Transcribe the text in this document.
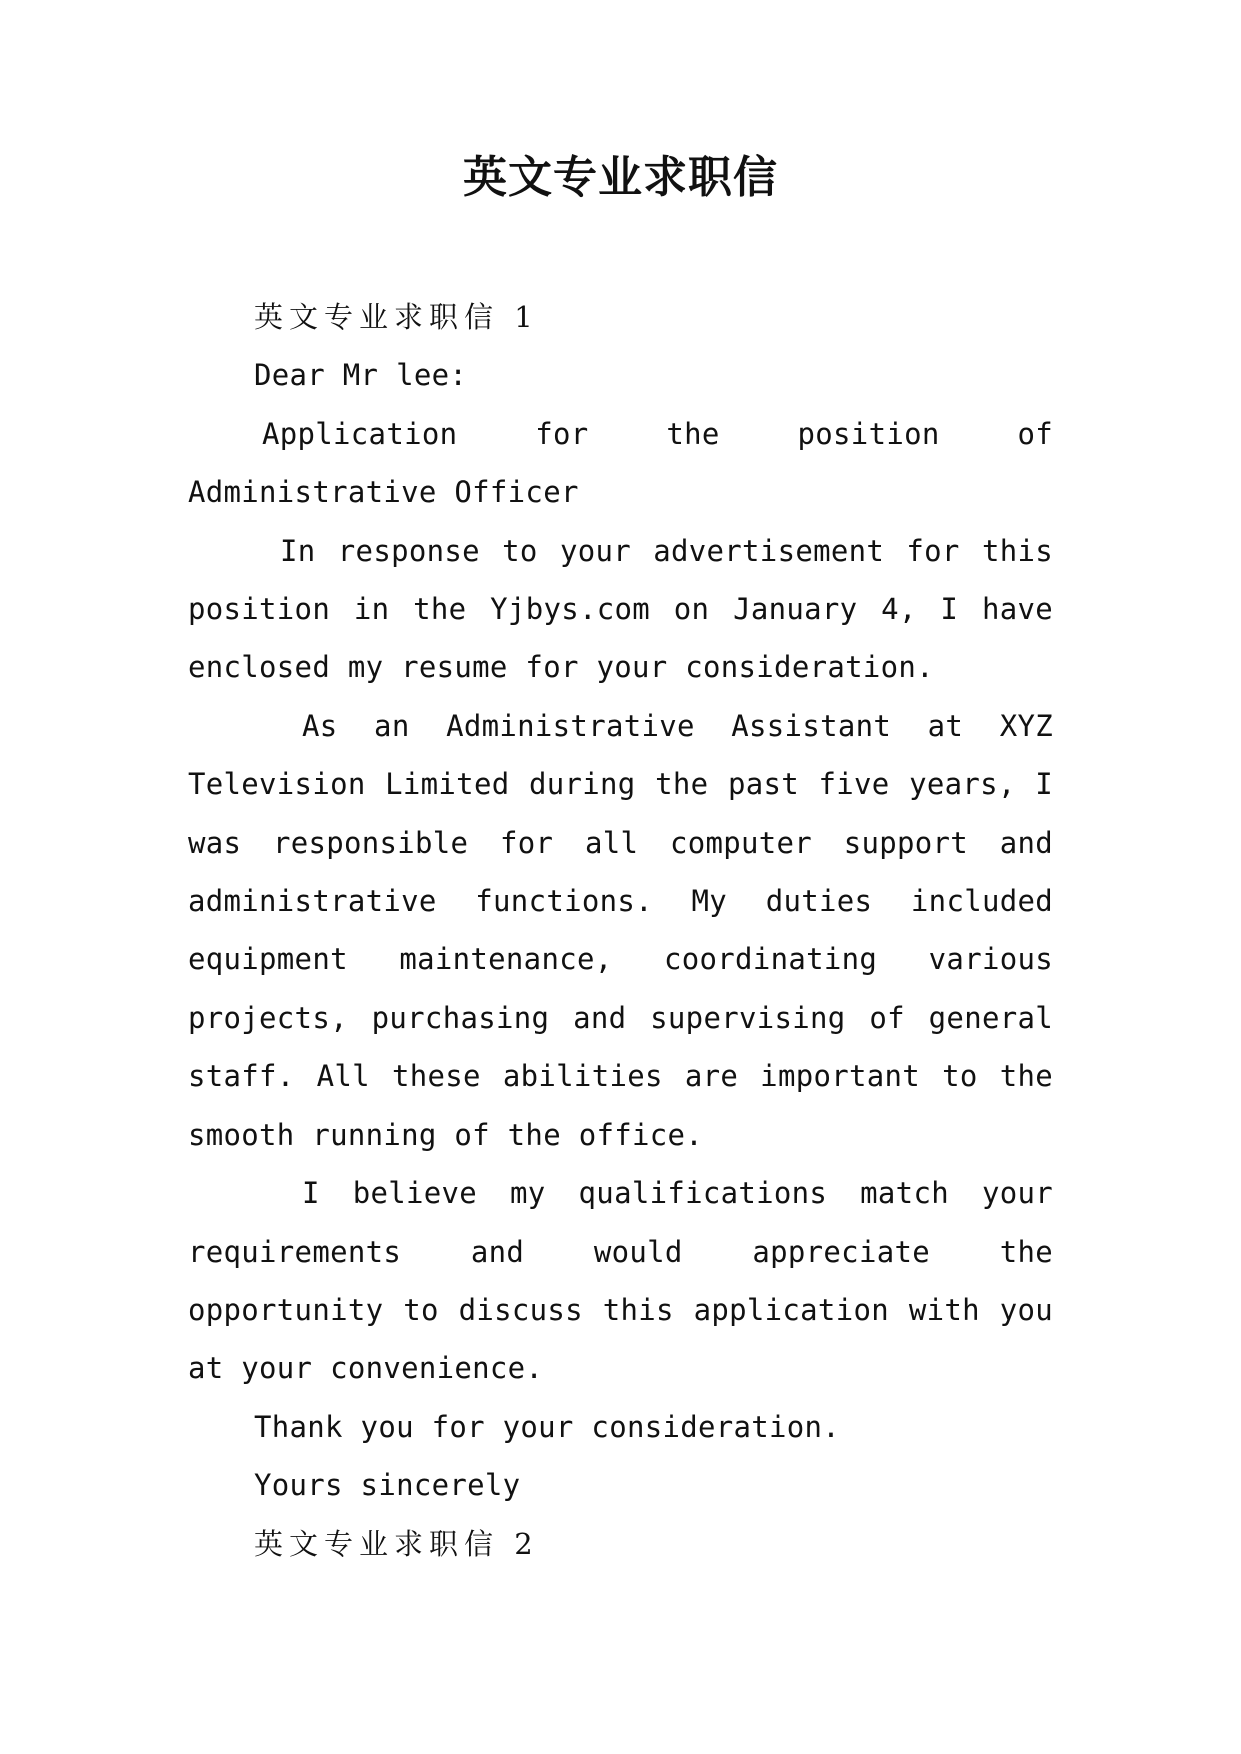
英文专业求职信

英文专业求职信 1

Dear Mr lee:

Application for the position of Administrative Officer

In response to your advertisement for this position in the Yjbys.com on January 4, I have enclosed my resume for your consideration.

As an Administrative Assistant at XYZ Television Limited during the past five years, I was responsible for all computer support and administrative functions. My duties included equipment maintenance, coordinating various projects, purchasing and supervising of general staff. All these abilities are important to the smooth running of the office.

I believe my qualifications match your requirements and would appreciate the opportunity to discuss this application with you at your convenience.

Thank you for your consideration.

Yours sincerely

英文专业求职信 2
